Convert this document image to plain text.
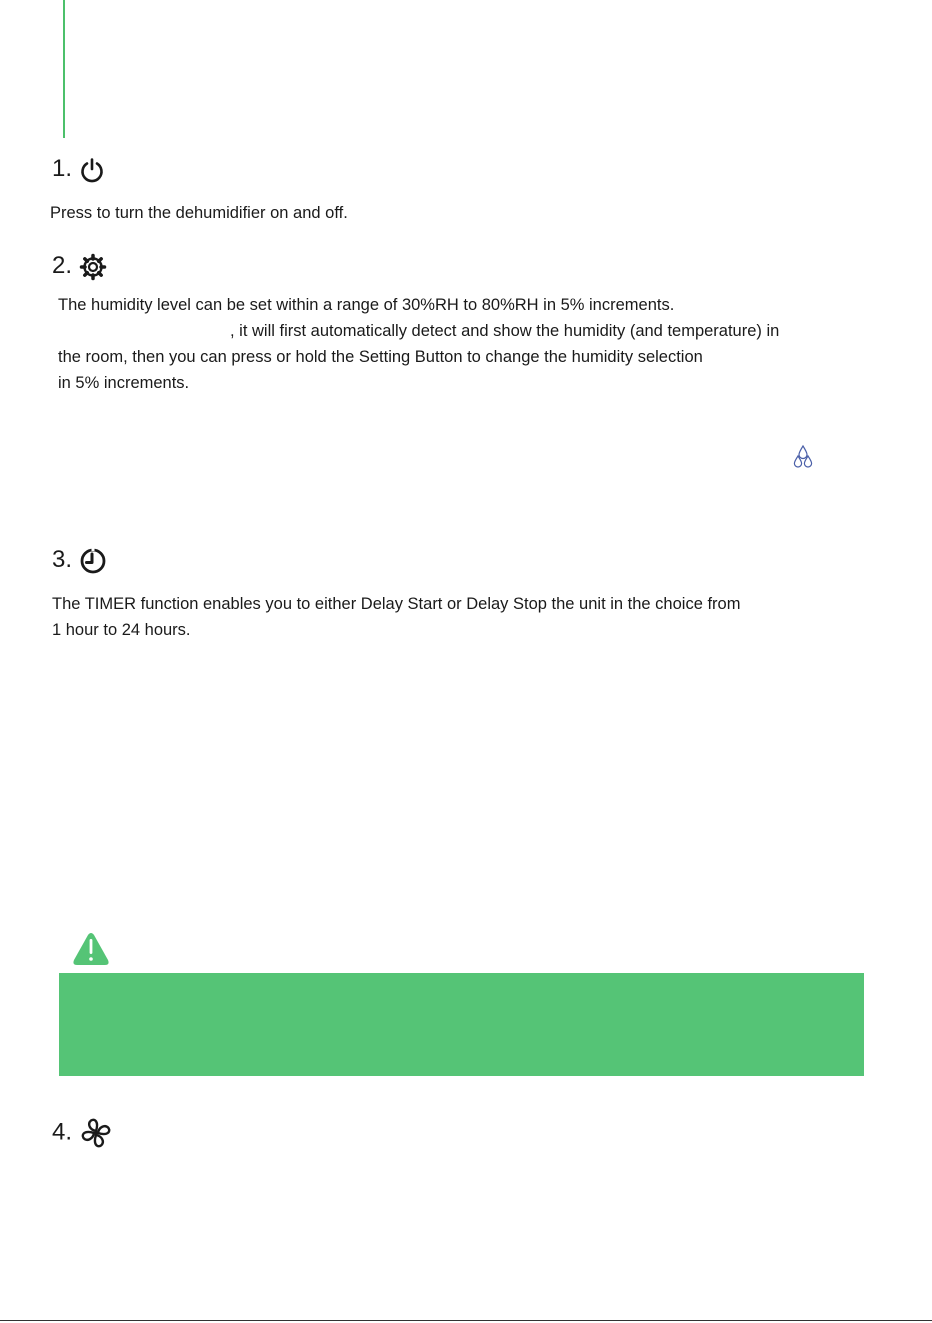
1.
Press to turn the dehumidifier on and off.
2.
The humidity level can be set within a range of 30%RH to 80%RH in 5% increments.
, it will first automatically detect and show the humidity (and temperature) in
the room, then you can press or hold the Setting Button to change the humidity selection
in 5% increments.
3.
The TIMER function enables you to either Delay Start or Delay Stop the unit in the choice from
1 hour to 24 hours.
4.
